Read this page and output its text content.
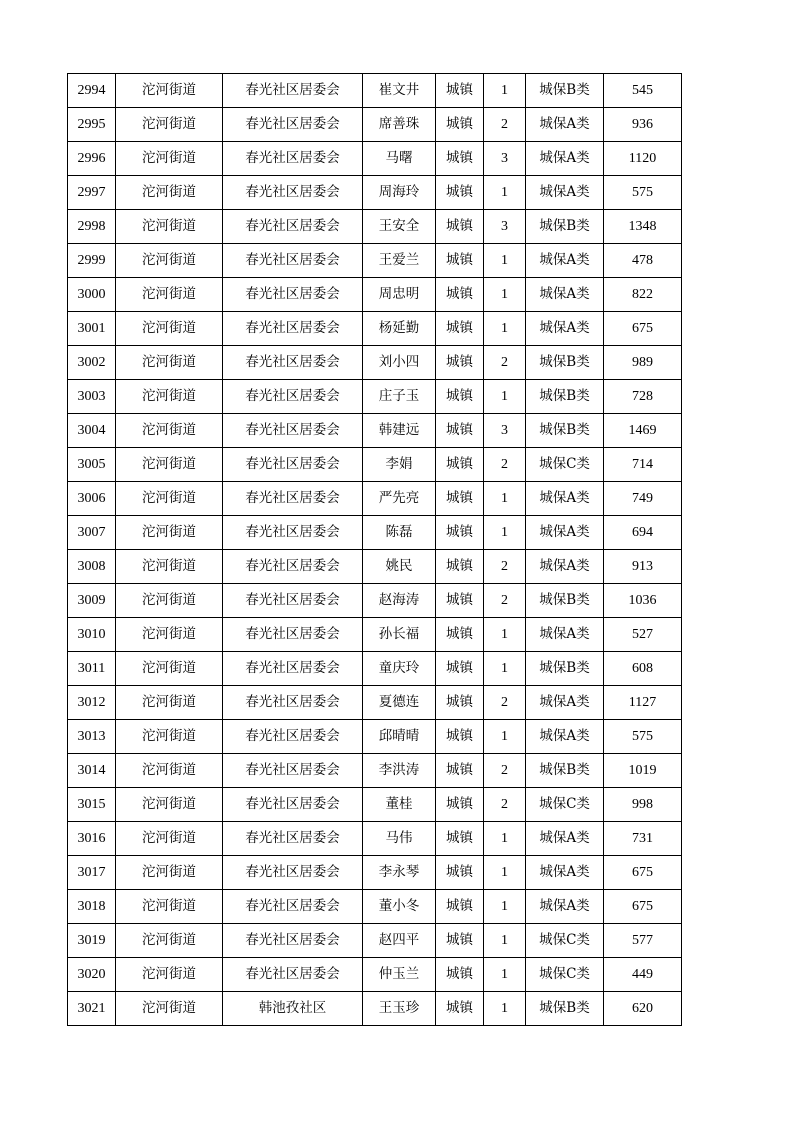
2994	沱河街道	春光社区居委会	崔文井	城镇	1	城保B类	545
2995	沱河街道	春光社区居委会	席善珠	城镇	2	城保A类	936
2996	沱河街道	春光社区居委会	马曙	城镇	3	城保A类	1120
2997	沱河街道	春光社区居委会	周海玲	城镇	1	城保A类	575
2998	沱河街道	春光社区居委会	王安全	城镇	3	城保B类	1348
2999	沱河街道	春光社区居委会	王爱兰	城镇	1	城保A类	478
3000	沱河街道	春光社区居委会	周忠明	城镇	1	城保A类	822
3001	沱河街道	春光社区居委会	杨延勤	城镇	1	城保A类	675
3002	沱河街道	春光社区居委会	刘小四	城镇	2	城保B类	989
3003	沱河街道	春光社区居委会	庄子玉	城镇	1	城保B类	728
3004	沱河街道	春光社区居委会	韩建远	城镇	3	城保B类	1469
3005	沱河街道	春光社区居委会	李娟	城镇	2	城保C类	714
3006	沱河街道	春光社区居委会	严先亮	城镇	1	城保A类	749
3007	沱河街道	春光社区居委会	陈磊	城镇	1	城保A类	694
3008	沱河街道	春光社区居委会	姚民	城镇	2	城保A类	913
3009	沱河街道	春光社区居委会	赵海涛	城镇	2	城保B类	1036
3010	沱河街道	春光社区居委会	孙长福	城镇	1	城保A类	527
3011	沱河街道	春光社区居委会	童庆玲	城镇	1	城保B类	608
3012	沱河街道	春光社区居委会	夏德连	城镇	2	城保A类	1127
3013	沱河街道	春光社区居委会	邱晴晴	城镇	1	城保A类	575
3014	沱河街道	春光社区居委会	李洪涛	城镇	2	城保B类	1019
3015	沱河街道	春光社区居委会	董桂	城镇	2	城保C类	998
3016	沱河街道	春光社区居委会	马伟	城镇	1	城保A类	731
3017	沱河街道	春光社区居委会	李永琴	城镇	1	城保A类	675
3018	沱河街道	春光社区居委会	董小冬	城镇	1	城保A类	675
3019	沱河街道	春光社区居委会	赵四平	城镇	1	城保C类	577
3020	沱河街道	春光社区居委会	仲玉兰	城镇	1	城保C类	449
3021	沱河街道	韩池孜社区	王玉珍	城镇	1	城保B类	620
